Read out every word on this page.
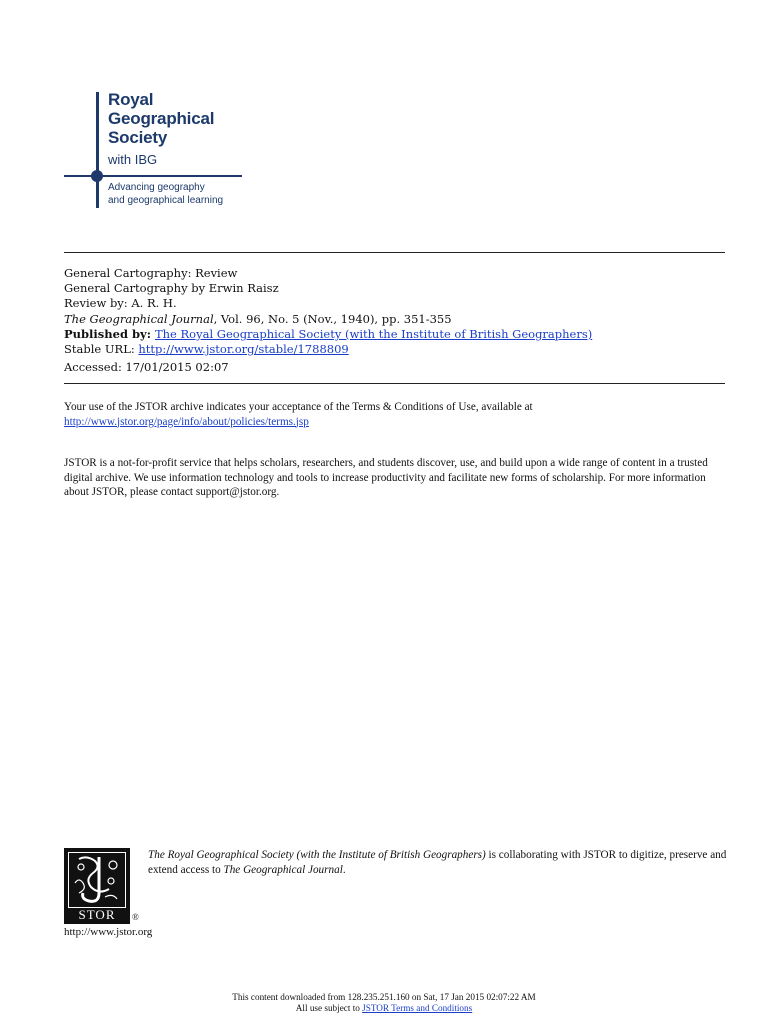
Royal
Geographical
Society
with IBG
Advancing geography
and geographical learning
General Cartography: Review
General Cartography by Erwin Raisz
Review by: A. R. H.
The Geographical Journal, Vol. 96, No. 5 (Nov., 1940), pp. 351-355
Published by: The Royal Geographical Society (with the Institute of British Geographers)
Stable URL: http://www.jstor.org/stable/1788809
Accessed: 17/01/2015 02:07
Your use of the JSTOR archive indicates your acceptance of the Terms & Conditions of Use, available at
http://www.jstor.org/page/info/about/policies/terms.jsp
JSTOR is a not-for-profit service that helps scholars, researchers, and students discover, use, and build upon a wide range of content in a trusted digital archive. We use information technology and tools to increase productivity and facilitate new forms of scholarship. For more information about JSTOR, please contact support@jstor.org.
STOR	®
http://www.jstor.org
The Royal Geographical Society (with the Institute of British Geographers) is collaborating with JSTOR to digitize, preserve and extend access to The Geographical Journal.
This content downloaded from 128.235.251.160 on Sat, 17 Jan 2015 02:07:22 AM
All use subject to JSTOR Terms and Conditions
